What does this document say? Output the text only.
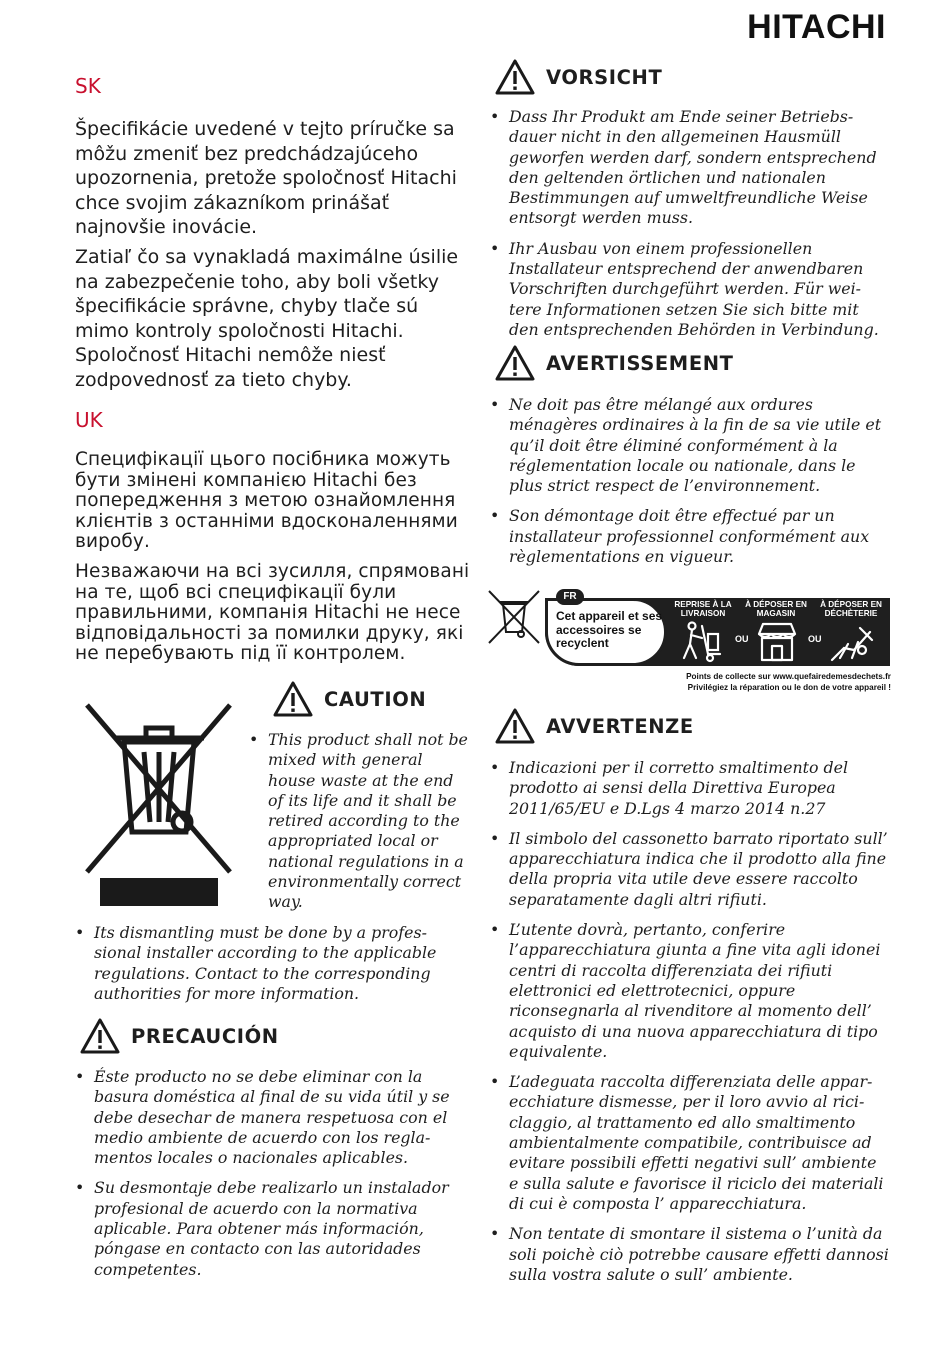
HITACHI
SK
Špecifikácie uvedené v tejto príručke sa môžu zmeniť bez predchádzajúceho upozornenia, pretože spoločnosť Hitachi chce svojim zákazníkom prinášať najnovšie inovácie.
Zatiaľ čo sa vynakladá maximálne úsilie na zabezpečenie toho, aby boli všetky špecifikácie správne, chyby tlače sú mimo kontroly spoločnosti Hitachi. Spoločnosť Hitachi nemôže niesť zodpovednosť za tieto chyby.
UK
Специфікації цього посібника можуть бути змінені компанією Hitachi без попередження з метою ознайомлення клієнтів з останніми вдосконаленнями виробу.
Незважаючи на всі зусилля, спрямовані на те, щоб всі специфікації були правильними, компанія Hitachi не несе відповідальності за помилки друку, які не перебувають під її контролем.
CAUTION
• This product shall not be mixed with general house waste at the end of its life and it shall be retired according to the appropriated local or national regulations in a environmentally correct way.
• Its dismantling must be done by a profes- sional installer according to the applicable regulations. Contact to the corresponding authorities for more information.
PRECAUCIÓN
• Éste producto no se debe eliminar con la basura doméstica al final de su vida útil y se debe desechar de manera respetuosa con el medio ambiente de acuerdo con los regla- mentos locales o nacionales aplicables.
• Su desmontaje debe realizarlo un instalador profesional de acuerdo con la normativa aplicable. Para obtener más información, póngase en contacto con las autoridades competentes.
VORSICHT
• Dass Ihr Produkt am Ende seiner Betriebs- dauer nicht in den allgemeinen Hausmüll geworfen werden darf, sondern entsprechend den geltenden örtlichen und nationalen Bestimmungen auf umweltfreundliche Weise entsorgt werden muss.
• Ihr Ausbau von einem professionellen Installateur entsprechend der anwendbaren Vorschriften durchgeführt werden. Für wei- tere Informationen setzen Sie sich bitte mit den entsprechenden Behörden in Verbindung.
AVERTISSEMENT
• Ne doit pas être mélangé aux ordures ménagères ordinaires à la fin de sa vie utile et qu’il doit être éliminé conformément à la réglementation locale ou nationale, dans le plus strict respect de l’environnement.
• Son démontage doit être effectué par un installateur professionnel conformément aux règlementations en vigueur.
FR
Cet appareil et ses accessoires se recyclent
REPRISE À LA LIVRAISON
À DÉPOSER EN MAGASIN
À DÉPOSER EN DÉCHÈTERIE
OU	OU
Points de collecte sur www.quefairedemesdechets.fr
Privilégiez la réparation ou le don de votre appareil !
AVVERTENZE
• Indicazioni per il corretto smaltimento del prodotto ai sensi della Direttiva Europea 2011/65/EU e D.Lgs 4 marzo 2014 n.27
• Il simbolo del cassonetto barrato riportato sull’ apparecchiatura indica che il prodotto alla fine della propria vita utile deve essere raccolto separatamente dagli altri rifiuti.
• L’utente dovrà, pertanto, conferire l’apparecchiatura giunta a fine vita agli idonei centri di raccolta differenziata dei rifiuti elettronici ed elettrotecnici, oppure riconsegnarla al rivenditore al momento dell’ acquisto di una nuova apparecchiatura di tipo equivalente.
• L’adeguata raccolta differenziata delle appar- ecchiature dismesse, per il loro avvio al rici- claggio, al trattamento ed allo smaltimento ambientalmente compatibile, contribuisce ad evitare possibili effetti negativi sull’ ambiente e sulla salute e favorisce il riciclo dei materiali di cui è composta l’ apparecchiatura.
• Non tentate di smontare il sistema o l’unità da soli poichè ciò potrebbe causare effetti dannosi sulla vostra salute o sull’ ambiente.
